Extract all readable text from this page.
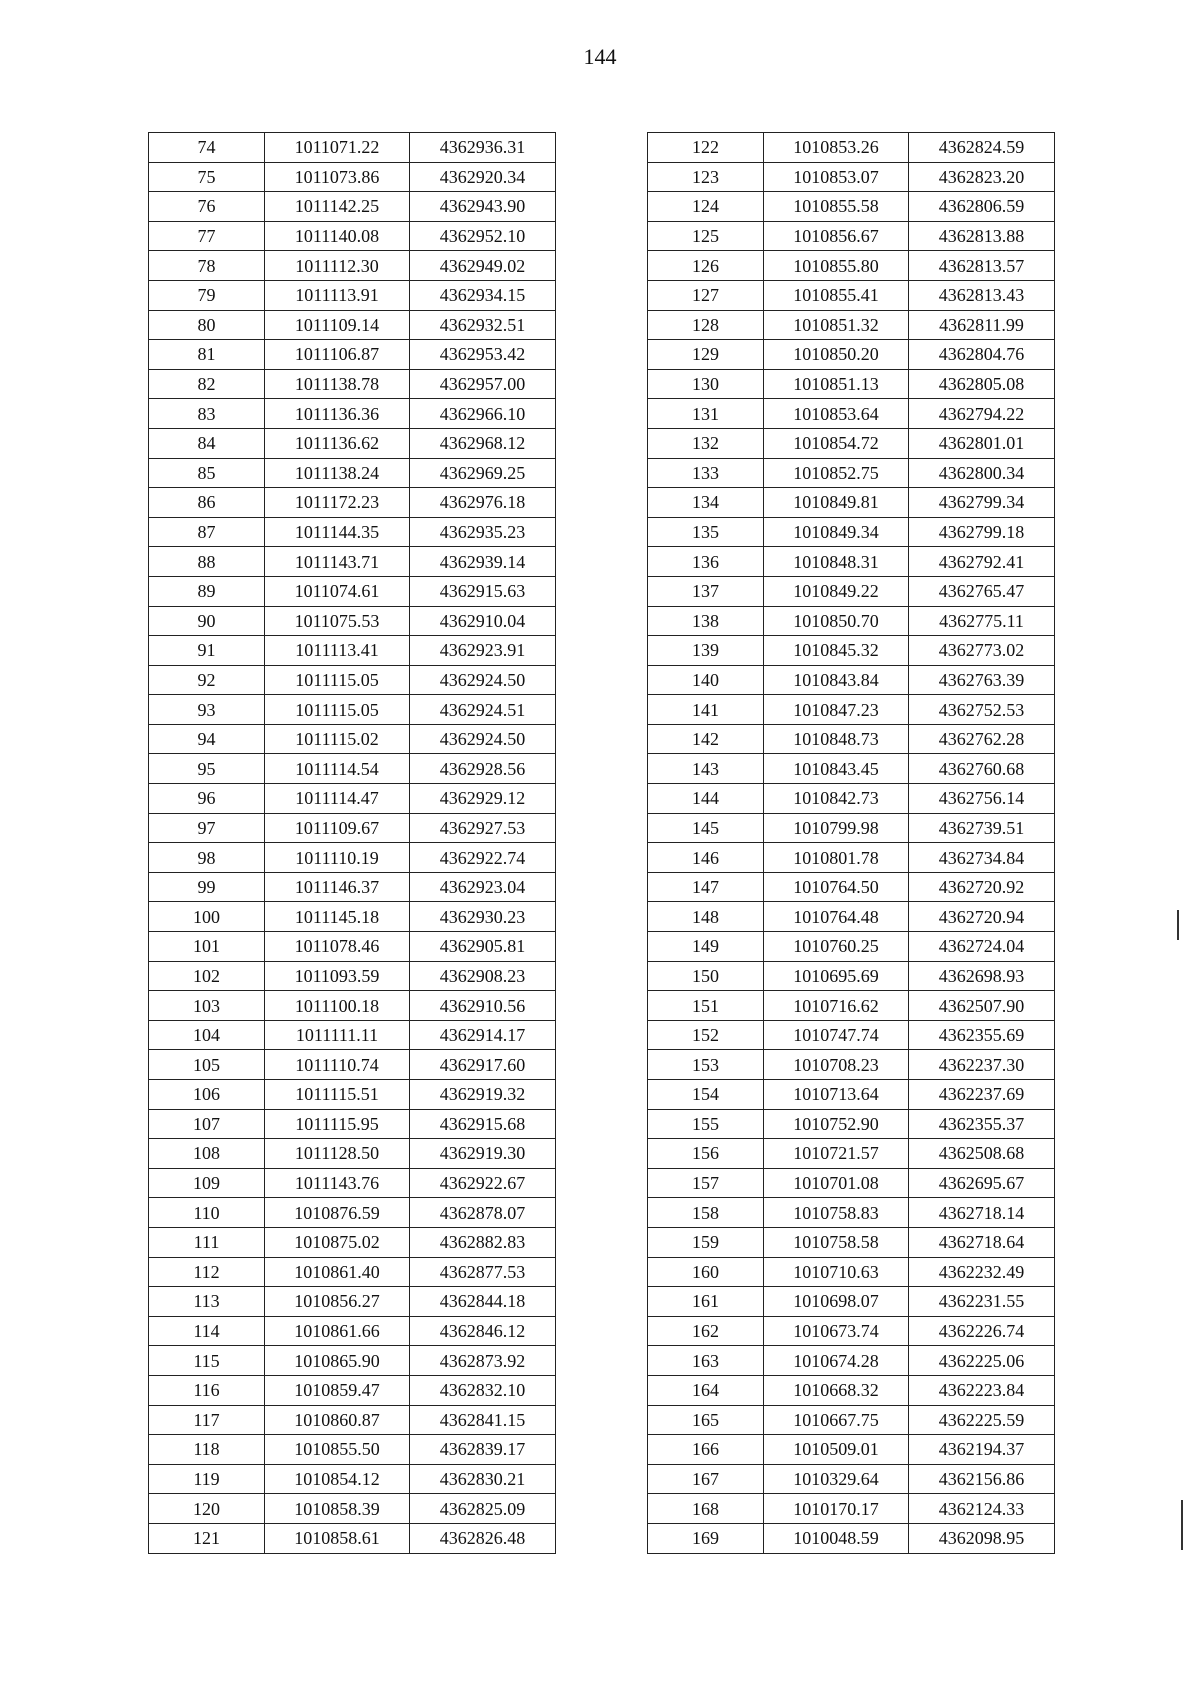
144
74	1011071.22	4362936.31
75	1011073.86	4362920.34
76	1011142.25	4362943.90
77	1011140.08	4362952.10
78	1011112.30	4362949.02
79	1011113.91	4362934.15
80	1011109.14	4362932.51
81	1011106.87	4362953.42
82	1011138.78	4362957.00
83	1011136.36	4362966.10
84	1011136.62	4362968.12
85	1011138.24	4362969.25
86	1011172.23	4362976.18
87	1011144.35	4362935.23
88	1011143.71	4362939.14
89	1011074.61	4362915.63
90	1011075.53	4362910.04
91	1011113.41	4362923.91
92	1011115.05	4362924.50
93	1011115.05	4362924.51
94	1011115.02	4362924.50
95	1011114.54	4362928.56
96	1011114.47	4362929.12
97	1011109.67	4362927.53
98	1011110.19	4362922.74
99	1011146.37	4362923.04
100	1011145.18	4362930.23
101	1011078.46	4362905.81
102	1011093.59	4362908.23
103	1011100.18	4362910.56
104	1011111.11	4362914.17
105	1011110.74	4362917.60
106	1011115.51	4362919.32
107	1011115.95	4362915.68
108	1011128.50	4362919.30
109	1011143.76	4362922.67
110	1010876.59	4362878.07
111	1010875.02	4362882.83
112	1010861.40	4362877.53
113	1010856.27	4362844.18
114	1010861.66	4362846.12
115	1010865.90	4362873.92
116	1010859.47	4362832.10
117	1010860.87	4362841.15
118	1010855.50	4362839.17
119	1010854.12	4362830.21
120	1010858.39	4362825.09
121	1010858.61	4362826.48
122	1010853.26	4362824.59
123	1010853.07	4362823.20
124	1010855.58	4362806.59
125	1010856.67	4362813.88
126	1010855.80	4362813.57
127	1010855.41	4362813.43
128	1010851.32	4362811.99
129	1010850.20	4362804.76
130	1010851.13	4362805.08
131	1010853.64	4362794.22
132	1010854.72	4362801.01
133	1010852.75	4362800.34
134	1010849.81	4362799.34
135	1010849.34	4362799.18
136	1010848.31	4362792.41
137	1010849.22	4362765.47
138	1010850.70	4362775.11
139	1010845.32	4362773.02
140	1010843.84	4362763.39
141	1010847.23	4362752.53
142	1010848.73	4362762.28
143	1010843.45	4362760.68
144	1010842.73	4362756.14
145	1010799.98	4362739.51
146	1010801.78	4362734.84
147	1010764.50	4362720.92
148	1010764.48	4362720.94
149	1010760.25	4362724.04
150	1010695.69	4362698.93
151	1010716.62	4362507.90
152	1010747.74	4362355.69
153	1010708.23	4362237.30
154	1010713.64	4362237.69
155	1010752.90	4362355.37
156	1010721.57	4362508.68
157	1010701.08	4362695.67
158	1010758.83	4362718.14
159	1010758.58	4362718.64
160	1010710.63	4362232.49
161	1010698.07	4362231.55
162	1010673.74	4362226.74
163	1010674.28	4362225.06
164	1010668.32	4362223.84
165	1010667.75	4362225.59
166	1010509.01	4362194.37
167	1010329.64	4362156.86
168	1010170.17	4362124.33
169	1010048.59	4362098.95
